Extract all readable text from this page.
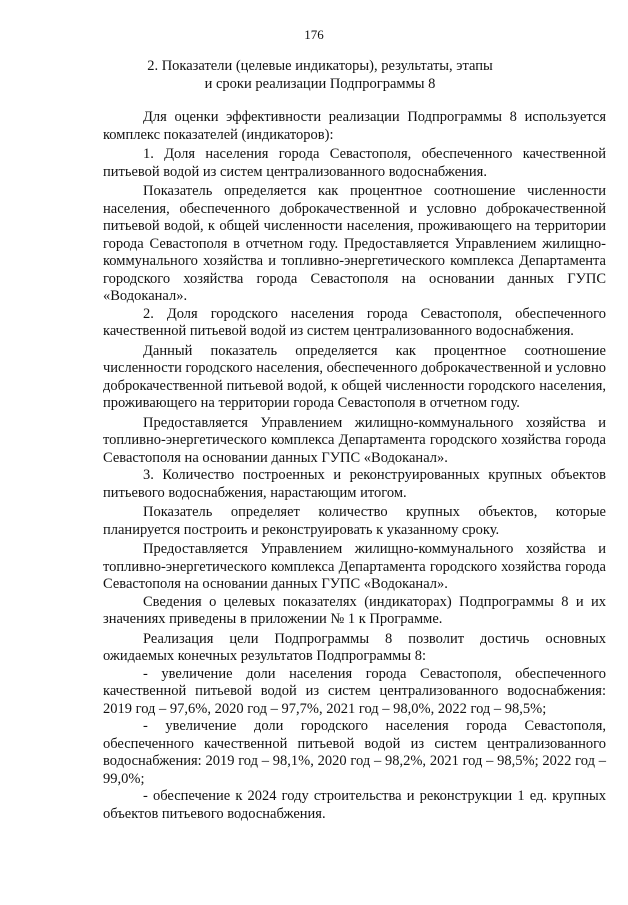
176
2. Показатели (целевые индикаторы), результаты, этапы
и сроки реализации Подпрограммы 8

Для оценки эффективности реализации Подпрограммы 8 используется комплекс показателей (индикаторов):

1. Доля населения города Севастополя, обеспеченного качественной питьевой водой из систем централизованного водоснабжения.

Показатель определяется как процентное соотношение численности населения, обеспеченного доброкачественной и условно доброкачественной питьевой водой, к общей численности населения, проживающего на территории города Севастополя в отчетном году. Предоставляется Управлением жилищно-коммунального хозяйства и топливно-энергетического комплекса Департамента городского хозяйства города Севастополя на основании данных ГУПС «Водоканал».

2. Доля городского населения города Севастополя, обеспеченного качественной питьевой водой из систем централизованного водоснабжения.

Данный показатель определяется как процентное соотношение численности городского населения, обеспеченного доброкачественной и условно доброкачественной питьевой водой, к общей численности городского населения, проживающего на территории города Севастополя в отчетном году.

Предоставляется Управлением жилищно-коммунального хозяйства и топливно-энергетического комплекса Департамента городского хозяйства города Севастополя на основании данных ГУПС «Водоканал».

3. Количество построенных и реконструированных крупных объектов питьевого водоснабжения, нарастающим итогом.

Показатель определяет количество крупных объектов, которые планируется построить и реконструировать к указанному сроку.

Предоставляется Управлением жилищно-коммунального хозяйства и топливно-энергетического комплекса Департамента городского хозяйства города Севастополя на основании данных ГУПС «Водоканал».

Сведения о целевых показателях (индикаторах) Подпрограммы 8 и их значениях приведены в приложении № 1 к Программе.

Реализация цели Подпрограммы 8 позволит достичь основных ожидаемых конечных результатов Подпрограммы 8:

- увеличение доли населения города Севастополя, обеспеченного качественной питьевой водой из систем централизованного водоснабжения: 2019 год – 97,6%, 2020 год – 97,7%, 2021 год – 98,0%, 2022 год – 98,5%;

- увеличение доли городского населения города Севастополя, обеспеченного качественной питьевой водой из систем централизованного водоснабжения: 2019 год – 98,1%, 2020 год – 98,2%, 2021 год – 98,5%; 2022 год – 99,0%;

- обеспечение к 2024 году строительства и реконструкции 1 ед. крупных объектов питьевого водоснабжения.
